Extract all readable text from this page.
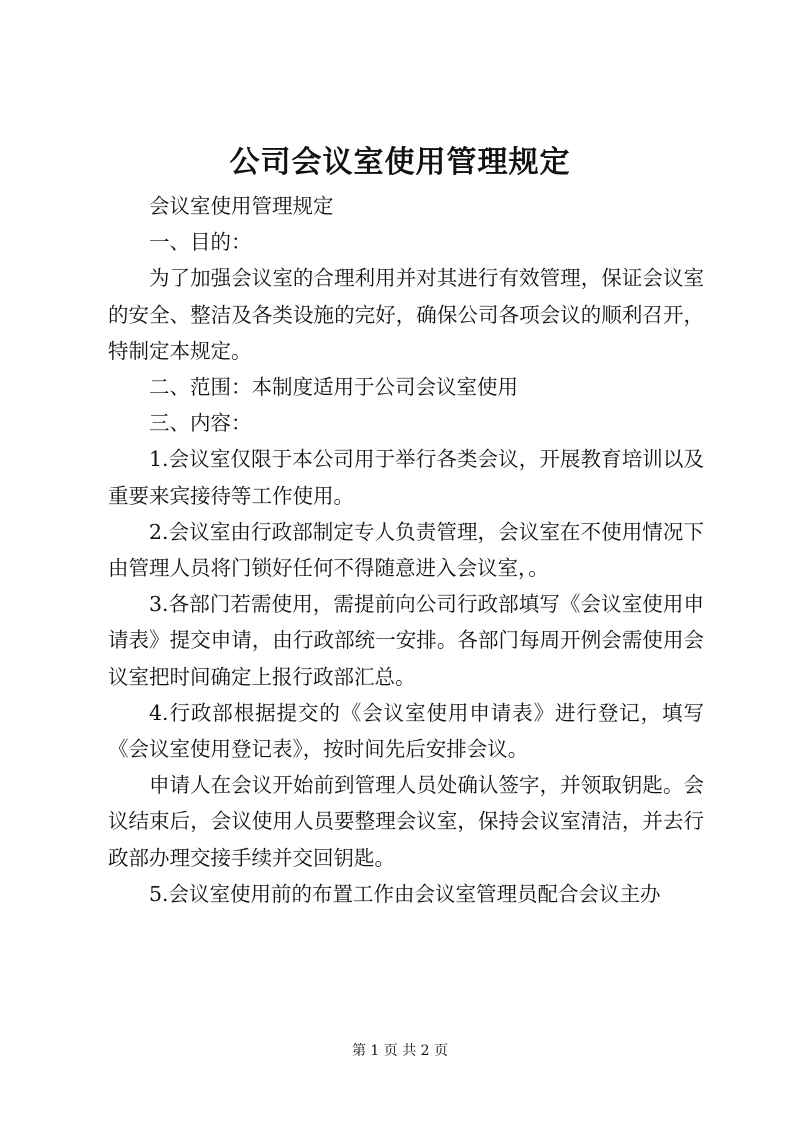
公司会议室使用管理规定

会议室使用管理规定

一、目的：

为了加强会议室的合理利用并对其进行有效管理，保证会议室的安全、整洁及各类设施的完好，确保公司各项会议的顺利召开，特制定本规定。

二、范围：本制度适用于公司会议室使用

三、内容：

1.会议室仅限于本公司用于举行各类会议，开展教育培训以及重要来宾接待等工作使用。

2.会议室由行政部制定专人负责管理，会议室在不使用情况下由管理人员将门锁好任何不得随意进入会议室，。

3.各部门若需使用，需提前向公司行政部填写《会议室使用申请表》提交申请，由行政部统一安排。各部门每周开例会需使用会议室把时间确定上报行政部汇总。

4.行政部根据提交的《会议室使用申请表》进行登记，填写《会议室使用登记表》，按时间先后安排会议。

申请人在会议开始前到管理人员处确认签字，并领取钥匙。会议结束后，会议使用人员要整理会议室，保持会议室清洁，并去行政部办理交接手续并交回钥匙。

5.会议室使用前的布置工作由会议室管理员配合会议主办

第 1 页 共 2 页
